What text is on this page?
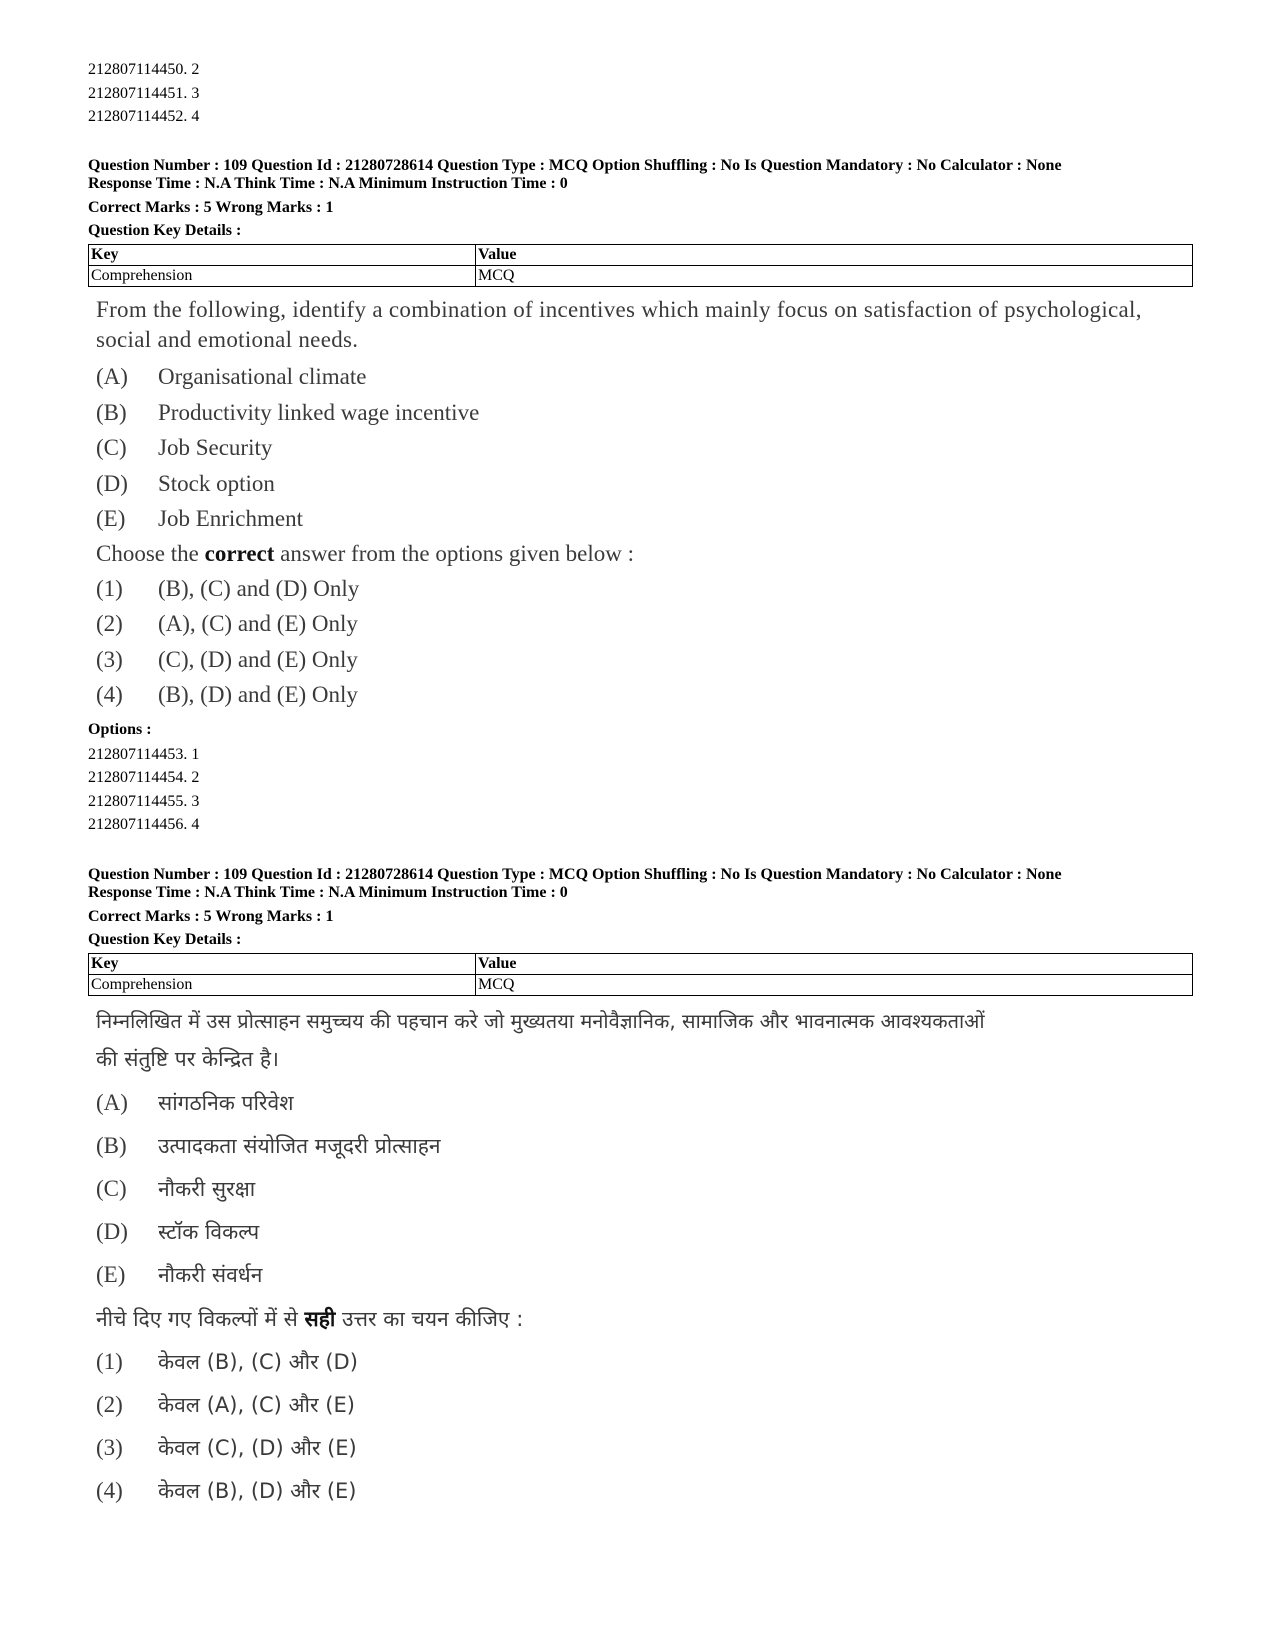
212807114450. 2
212807114451. 3
212807114452. 4
Question Number : 109 Question Id : 21280728614 Question Type : MCQ Option Shuffling : No Is Question Mandatory : No Calculator : None
Response Time : N.A Think Time : N.A Minimum Instruction Time : 0
Correct Marks : 5 Wrong Marks : 1
Question Key Details :
Key	Value
Comprehension	MCQ
From the following, identify a combination of incentives which mainly focus on satisfaction of psychological, social and emotional needs.
(A)	Organisational climate
(B)	Productivity linked wage incentive
(C)	Job Security
(D)	Stock option
(E)	Job Enrichment
Choose the correct answer from the options given below :
(1)	(B), (C) and (D) Only
(2)	(A), (C) and (E) Only
(3)	(C), (D) and (E) Only
(4)	(B), (D) and (E) Only
Options :
212807114453. 1
212807114454. 2
212807114455. 3
212807114456. 4
Question Number : 109 Question Id : 21280728614 Question Type : MCQ Option Shuffling : No Is Question Mandatory : No Calculator : None
Response Time : N.A Think Time : N.A Minimum Instruction Time : 0
Correct Marks : 5 Wrong Marks : 1
Question Key Details :
Key	Value
Comprehension	MCQ
निम्नलिखित में उस प्रोत्साहन समुच्चय की पहचान करे जो मुख्यतया मनोवैज्ञानिक, सामाजिक और भावनात्मक आवश्यकताओं
की संतुष्टि पर केन्द्रित है।
(A)	सांगठनिक परिवेश
(B)	उत्पादकता संयोजित मजूदरी प्रोत्साहन
(C)	नौकरी सुरक्षा
(D)	स्टॉक विकल्प
(E)	नौकरी संवर्धन
नीचे दिए गए विकल्पों में से सही उत्तर का चयन कीजिए :
(1)	केवल (B), (C) और (D)
(2)	केवल (A), (C) और (E)
(3)	केवल (C), (D) और (E)
(4)	केवल (B), (D) और (E)
